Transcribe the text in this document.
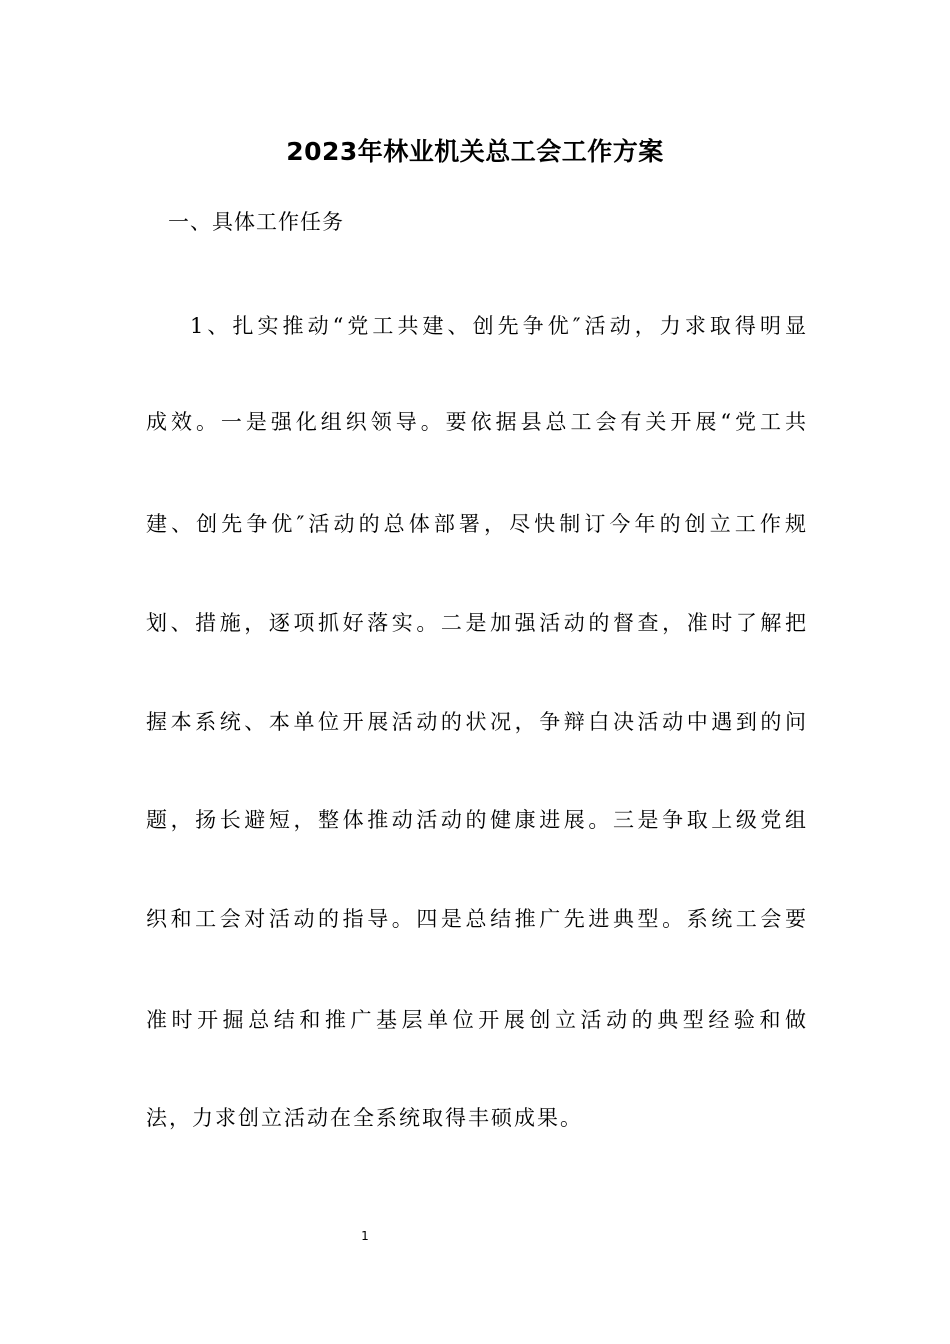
2023年林业机关总工会工作方案
一、具体工作任务
1、扎实推动“党工共建、创先争优″活动，力求取得明显
成效。一是强化组织领导。要依据县总工会有关开展“党工共
建、创先争优″活动的总体部署，尽快制订今年的创立工作规
划、措施，逐项抓好落实。二是加强活动的督查，准时了解把
握本系统、本单位开展活动的状况，争辩白决活动中遇到的问
题，扬长避短，整体推动活动的健康进展。三是争取上级党组
织和工会对活动的指导。四是总结推广先进典型。系统工会要
准时开掘总结和推广基层单位开展创立活动的典型经验和做
法，力求创立活动在全系统取得丰硕成果。
1
